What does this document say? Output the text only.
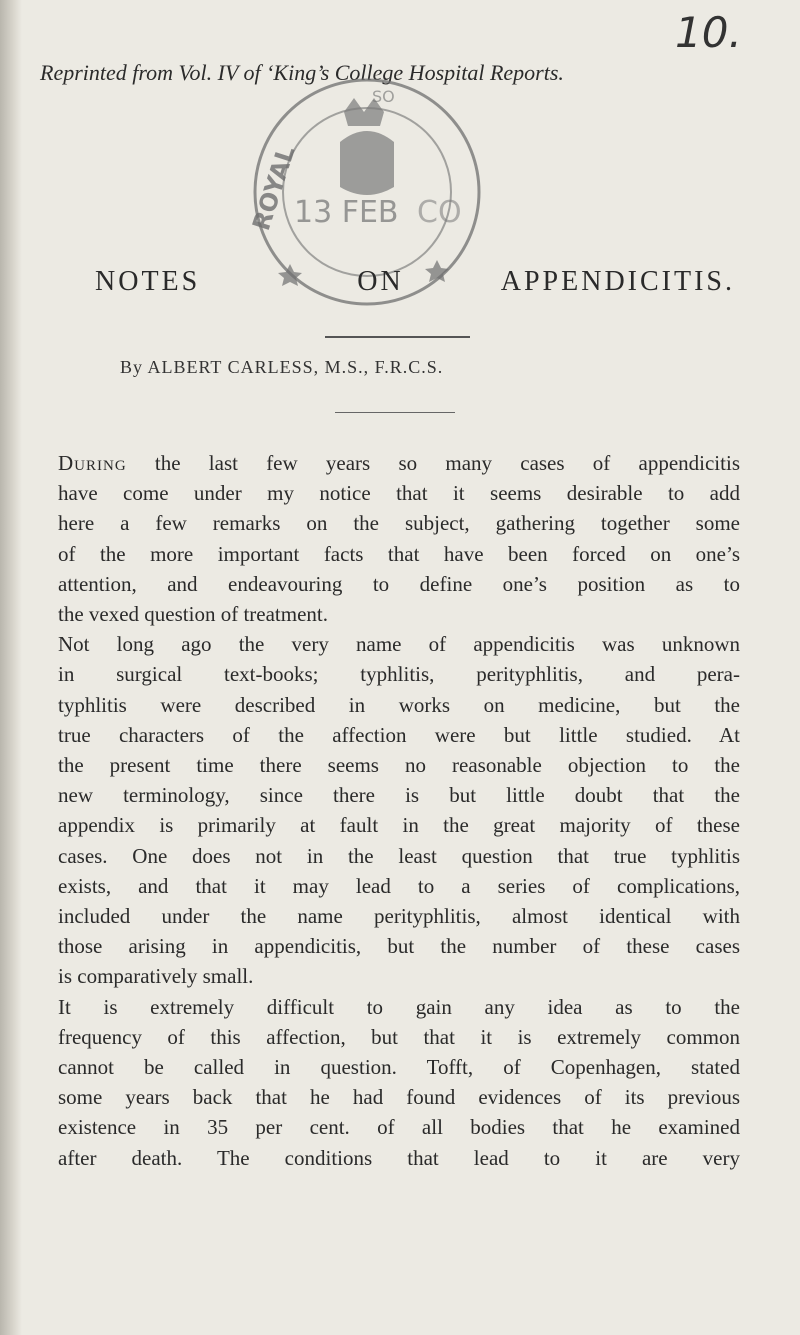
10.
Reprinted from Vol. IV of ‘King’s College Hospital Reports.
ROYAL
13 FEB CO
SO
NOTES	ON	APPENDICITIS.
By ALBERT CARLESS, M.S., F.R.C.S.
During the last few years so many cases of appendicitis
have come under my notice that it seems desirable to add
here a few remarks on the subject, gathering together some
of the more important facts that have been forced on one’s
attention, and endeavouring to define one’s position as to
the vexed question of treatment.
Not long ago the very name of appendicitis was unknown
in surgical text-books; typhlitis, perityphlitis, and pera-
typhlitis were described in works on medicine, but the
true characters of the affection were but little studied. At
the present time there seems no reasonable objection to the
new terminology, since there is but little doubt that the
appendix is primarily at fault in the great majority of these
cases. One does not in the least question that true typhlitis
exists, and that it may lead to a series of complications,
included under the name perityphlitis, almost identical with
those arising in appendicitis, but the number of these cases
is comparatively small.
It is extremely difficult to gain any idea as to the
frequency of this affection, but that it is extremely common
cannot be called in question. Tofft, of Copenhagen, stated
some years back that he had found evidences of its previous
existence in 35 per cent. of all bodies that he examined
after death. The conditions that lead to it are very
